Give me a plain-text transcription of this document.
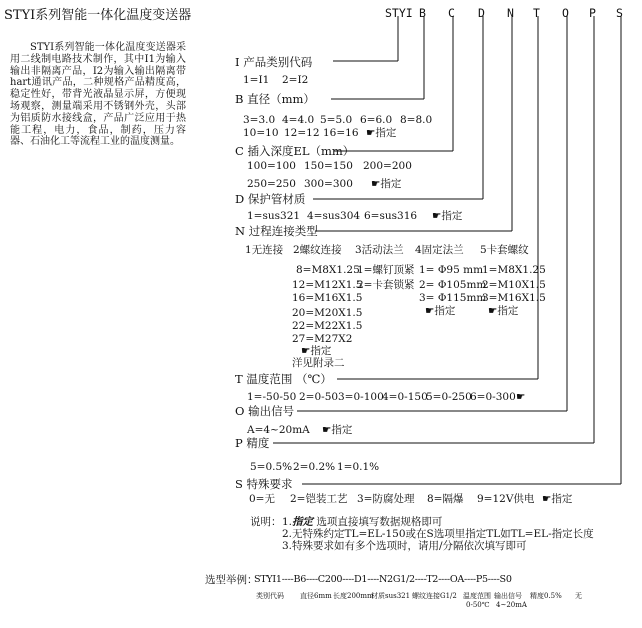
STYI系列智能一体化温度变送器
STYI系列智能一体化温度变送器采用二线制电路技术制作，其中I1为输入输出非隔离产品，I2为输入输出隔离带hart通讯产品，二种规格产品精度高，稳定性好，带背光液晶显示屏，方便现场观察，测量端采用不锈钢外壳，头部为铝质防水接线盒，产品广泛应用于热能工程，电力，食品，制药，压力容器、石油化工等流程工业的温度测量。
STYI B C D N T O P S
I 产品类别代码
1=I1 2=I2
B 直径（mm）
3=3.0 4=4.0 5=5.0 6=6.0 8=8.0
10=10 12=12 16=16 ☛指定
C 插入深度EL（mm）
100=100 150=150 200=200
250=250 300=300 ☛指定
D 保护管材质
1=sus321 4=sus304 6=sus316 ☛指定
N 过程连接类型
1无连接 2螺纹连接 3活动法兰 4固定法兰 5卡套螺纹
8=M8X1.25
12=M12X1.5
16=M16X1.5
20=M20X1.5
22=M22X1.5
27=M27X2
☛指定
洋见附录二
1=螺钉顶紧
2=卡套锁紧
1= Φ95 mm
2= Φ105mm
3= Φ115mm
☛指定
1=M8X1.25
2=M10X1.5
3=M16X1.5
☛指定
T 温度范围 （℃）
1=-50-50 2=0-50 3=0-100
4=0-150
5=0-250
6=0-300 ☛
O 输出信号
A=4~20mA ☛指定
P 精度
5=0.5% 2=0.2% 1=0.1%
S 特殊要求
0=无 2=铠装工艺 3=防腐处理 8=隔爆 9=12V供电 ☛指定
说明： 1.指定 选项直接填写数据规格即可
2.无特殊约定TL=EL-150或在S选项里指定TL如TL=EL-指定长度
3.特殊要求如有多个选项时，请用/分隔依次填写即可
选型举例：
STYI1----B6----C200----D1----N2G1/2----T2----OA----P5----S0
类别代码 直径6mm 长度200mm
材质sus321 螺纹连接G1/2 温度范围 输出信号 精度0.5% 无
0-50℃ 4~20mA
